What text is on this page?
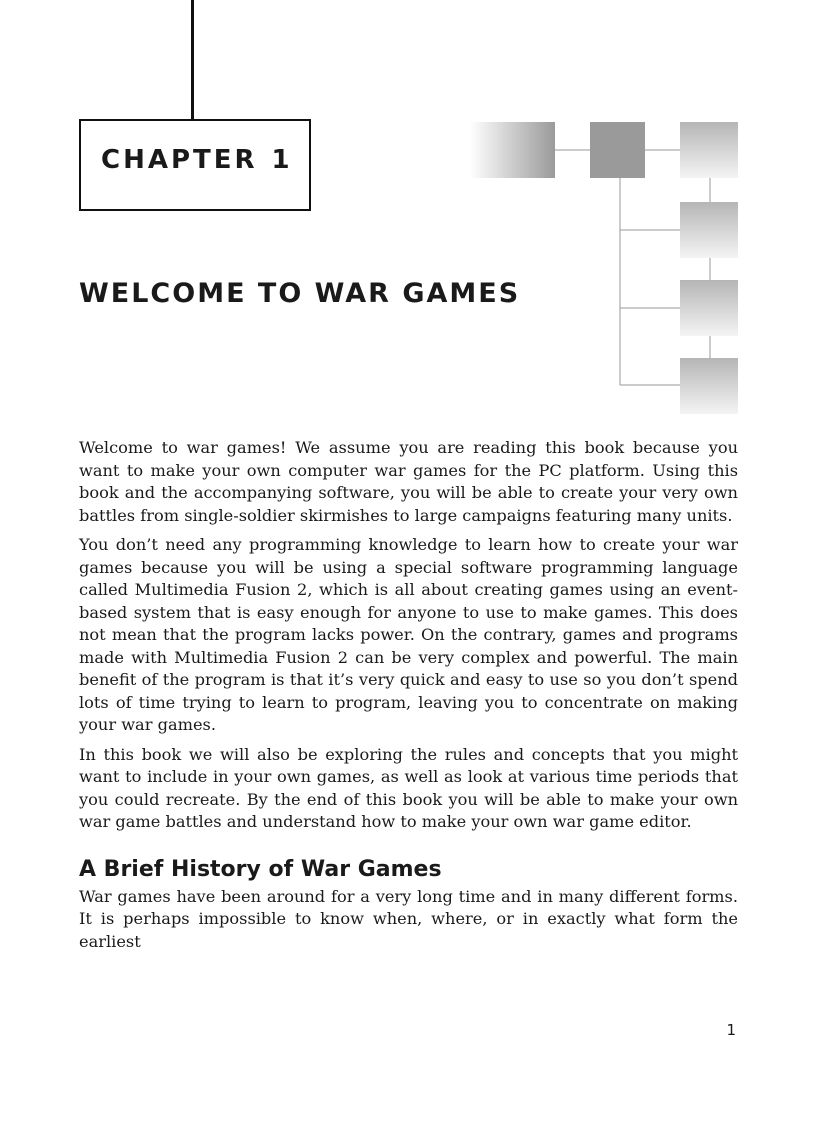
CHAPTER 1
WELCOME TO WAR GAMES

Welcome to war games! We assume you are reading this book because you want to make your own computer war games for the PC platform. Using this book and the accompanying software, you will be able to create your very own battles from single-soldier skirmishes to large campaigns featuring many units.

You don’t need any programming knowledge to learn how to create your war games because you will be using a special software programming language called Multimedia Fusion 2, which is all about creating games using an event-based system that is easy enough for anyone to use to make games. This does not mean that the program lacks power. On the contrary, games and programs made with Multimedia Fusion 2 can be very complex and powerful. The main benefit of the program is that it’s very quick and easy to use so you don’t spend lots of time trying to learn to program, leaving you to concentrate on making your war games.

In this book we will also be exploring the rules and concepts that you might want to include in your own games, as well as look at various time periods that you could recreate. By the end of this book you will be able to make your own war game battles and understand how to make your own war game editor.

A Brief History of War Games

War games have been around for a very long time and in many different forms. It is perhaps impossible to know when, where, or in exactly what form the earliest

1
